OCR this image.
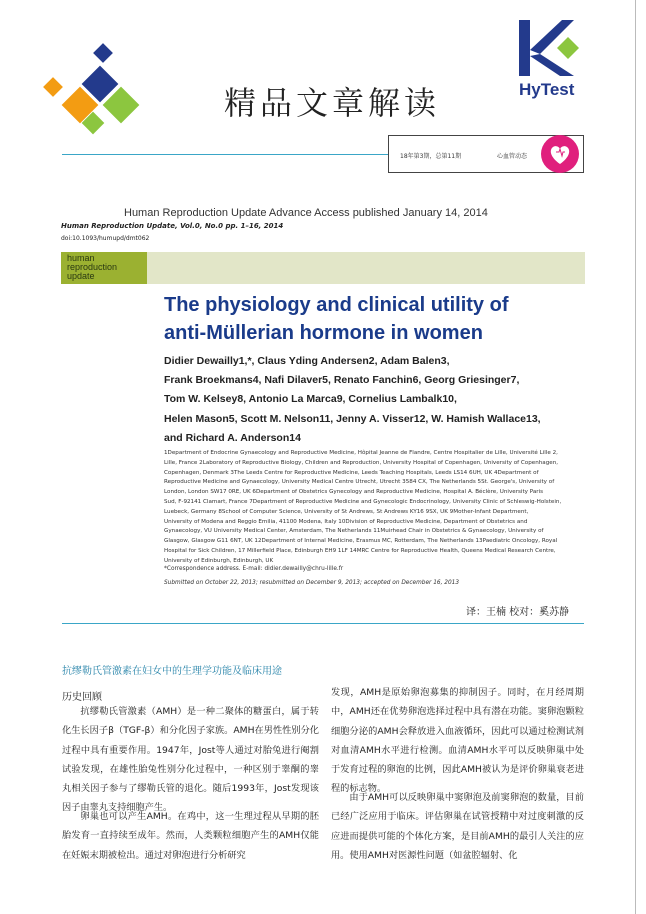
精品文章解读	HyTest
18年第3期，总第11期	心血管动态
Human Reproduction Update Advance Access published January 14, 2014
Human Reproduction Update, Vol.0, No.0 pp. 1–16, 2014
doi:10.1093/humupd/dmt062
human
reproduction
update
The physiology and clinical utility of
anti-Müllerian hormone in women
Didier Dewailly1,*, Claus Yding Andersen2, Adam Balen3,
Frank Broekmans4, Nafi Dilaver5, Renato Fanchin6, Georg Griesinger7,
Tom W. Kelsey8, Antonio La Marca9, Cornelius Lambalk10,
Helen Mason5, Scott M. Nelson11, Jenny A. Visser12, W. Hamish Wallace13,
and Richard A. Anderson14
1Department of Endocrine Gynaecology and Reproductive Medicine, Hôpital Jeanne de Flandre, Centre Hospitalier de Lille, Université Lille 2,
Lille, France 2Laboratory of Reproductive Biology, Children and Reproduction, University Hospital of Copenhagen, University of Copenhagen,
Copenhagen, Denmark 3The Leeds Centre for Reproductive Medicine, Leeds Teaching Hospitals, Leeds LS14 6UH, UK 4Department of
Reproductive Medicine and Gynaecology, University Medical Centre Utrecht, Utrecht 3584 CX, The Netherlands 5St. George's, University of
London, London SW17 0RE, UK 6Department of Obstetrics Gynecology and Reproductive Medicine, Hospital A. Béclère, University Paris
Sud, F-92141 Clamart, France 7Department of Reproductive Medicine and Gynecologic Endocrinology, University Clinic of Schleswig-Holstein,
Luebeck, Germany 8School of Computer Science, University of St Andrews, St Andrews KY16 9SX, UK 9Mother-Infant Department,
University of Modena and Reggio Emilia, 41100 Modena, Italy 10Division of Reproductive Medicine, Department of Obstetrics and
Gynaecology, VU University Medical Center, Amsterdam, The Netherlands 11Muirhead Chair in Obstetrics & Gynaecology, University of
Glasgow, Glasgow G11 6NT, UK 12Department of Internal Medicine, Erasmus MC, Rotterdam, The Netherlands 13Paediatric Oncology, Royal
Hospital for Sick Children, 17 Millerfield Place, Edinburgh EH9 1LF 14MRC Centre for Reproductive Health, Queens Medical Research Centre,
University of Edinburgh, Edinburgh, UK
*Correspondence address. E-mail: didier.dewailly@chru-lille.fr
Submitted on October 22, 2013; resubmitted on December 9, 2013; accepted on December 16, 2013
译：王楠 校对：奚苏静
抗缪勒氏管激素在妇女中的生理学功能及临床用途
历史回顾

抗缪勒氏管激素（AMH）是一种二聚体的糖蛋白，属于转化生长因子β（TGF-β）和分化因子家族。AMH在男性性别分化过程中具有重要作用。1947年，Jost等人通过对胎兔进行阉割试验发现，在雄性胎兔性别分化过程中，一种区别于睾酮的睾丸相关因子参与了缪勒氏管的退化。随后1993年，Jost发现该因子由睾丸支持细胞产生。

卵巢也可以产生AMH。在鸡中，这一生理过程从早期的胚胎发育一直持续至成年。然而，人类颗粒细胞产生的AMH仅能在妊娠末期被检出。通过对卵泡进行分析研究

发现，AMH是原始卵泡募集的抑制因子。同时，在月经周期中，AMH还在优势卵泡选择过程中具有潜在功能。窦卵泡颗粒细胞分泌的AMH会释放进入血液循环，因此可以通过检测试剂对血清AMH水平进行检测。血清AMH水平可以反映卵巢中处于发育过程的卵泡的比例，因此AMH被认为是评价卵巢衰老进程的标志物。

由于AMH可以反映卵巢中窦卵泡及前窦卵泡的数量，目前已经广泛应用于临床。评估卵巢在试管授精中对过度刺激的反应进而提供可能的个体化方案，是目前AMH的最引人关注的应用。使用AMH对医源性问题（如盆腔辐射、化
